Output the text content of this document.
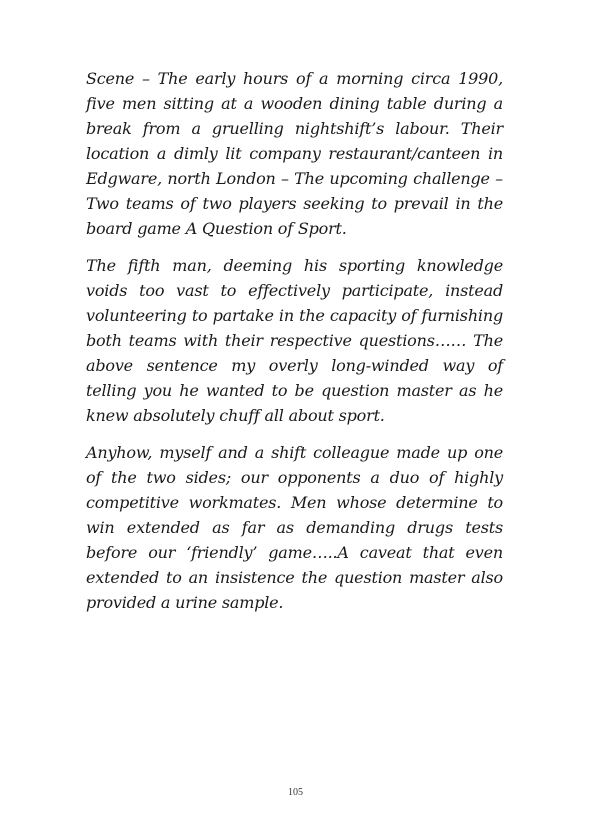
Scene – The early hours of a morning circa 1990, five men sitting at a wooden dining table during a break from a gruelling nightshift’s labour. Their location a dimly lit company restaurant/canteen in Edgware, north London – The upcoming challenge – Two teams of two players seeking to prevail in the board game A Question of Sport.

The fifth man, deeming his sporting knowledge voids too vast to effectively participate, instead volunteering to partake in the capacity of furnishing both teams with their respective questions…… The above sentence my overly long-winded way of telling you he wanted to be question master as he knew absolutely chuff all about sport.

Anyhow, myself and a shift colleague made up one of the two sides; our opponents a duo of highly competitive workmates. Men whose determine to win extended as far as demanding drugs tests before our ‘friendly’ game…..A caveat that even extended to an insistence the question master also provided a urine sample.

105
